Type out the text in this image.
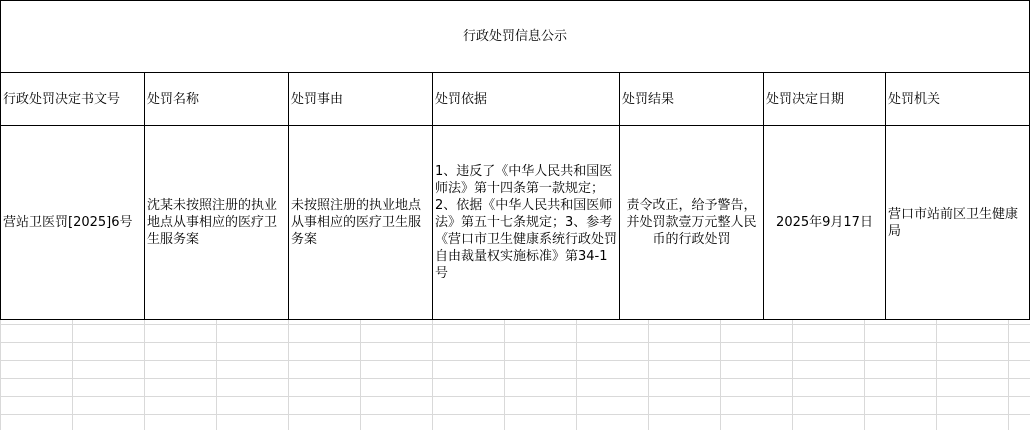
行政处罚信息公示						
行政处罚决定书文号	处罚名称	处罚事由	处罚依据	处罚结果	处罚决定日期	处罚机关
营站卫医罚[2025]6号	沈某未按照注册的执业地点从事相应的医疗卫生服务案	未按照注册的执业地点从事相应的医疗卫生服务案	1、违反了《中华人民共和国医师法》第十四条第一款规定；2、依据《中华人民共和国医师法》第五十七条规定；3、参考《营口市卫生健康系统行政处罚自由裁量权实施标准》第34-1号	责令改正，给予警告，并处罚款壹万元整人民币的行政处罚	2025年9月17日	营口市站前区卫生健康局
